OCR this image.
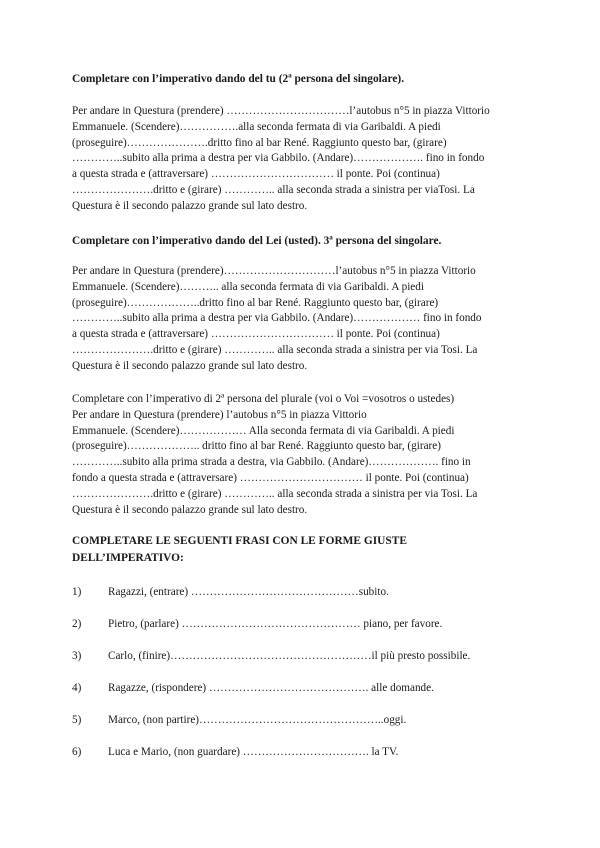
Completare con l’imperativo dando del tu (2ª persona del singolare).
Per andare in Questura (prendere) ……………………………l’autobus n°5 in piazza Vittorio
Emmanuele. (Scendere)…………….alla seconda fermata di via Garibaldi. A piedi
(proseguire)………………….dritto fino al bar René. Raggiunto questo bar, (girare)
…………..subito alla prima a destra per via Gabbilo. (Andare)………………. fino in fondo
a questa strada e (attraversare) …………………………… il ponte. Poi (continua)
………………….dritto e (girare) ………….. alla seconda strada a sinistra per viaTosi. La
Questura è il secondo palazzo grande sul lato destro.
Completare con l’imperativo dando del Lei (usted). 3ª persona del singolare.
Per andare in Questura (prendere)…………………………l’autobus n°5 in piazza Vittorio
Emmanuele. (Scendere)……….. alla seconda fermata di via Garibaldi. A piedi
(proseguire)………………..dritto fino al bar René. Raggiunto questo bar, (girare)
…………..subito alla prima a destra per via Gabbilo. (Andare)……………… fino in fondo
a questa strada e (attraversare) …………………………… il ponte. Poi (continua)
………………….dritto e (girare) ………….. alla seconda strada a sinistra per via Tosi. La
Questura è il secondo palazzo grande sul lato destro.
Completare con l’imperativo di 2ª persona del plurale (voi o Voi =vosotros o ustedes)
Per andare in Questura (prendere) l’autobus n°5 in piazza Vittorio
Emmanuele. (Scendere)……………… Alla seconda fermata di via Garibaldi. A piedi
(proseguire)……………….. dritto fino al bar René. Raggiunto questo bar, (girare)
…………..subito alla prima strada a destra, via Gabbilo. (Andare)………………. fino in
fondo a questa strada e (attraversare) …………………………… il ponte. Poi (continua)
………………….dritto e (girare) ………….. alla seconda strada a sinistra per via Tosi. La
Questura è il secondo palazzo grande sul lato destro.
COMPLETARE LE SEGUENTI FRASI CON LE FORME GIUSTE
DELL’IMPERATIVO:
1) Ragazzi, (entrare) ………………………………………subito.
2) Pietro, (parlare) ………………………………………… piano, per favore.
3) Carlo, (finire)………………………………………………il più presto possibile.
4) Ragazze, (rispondere) ……………………………………. alle domande.
5) Marco, (non partire)…………………………………………..oggi.
6) Luca e Mario, (non guardare) ……………………………. la TV.
